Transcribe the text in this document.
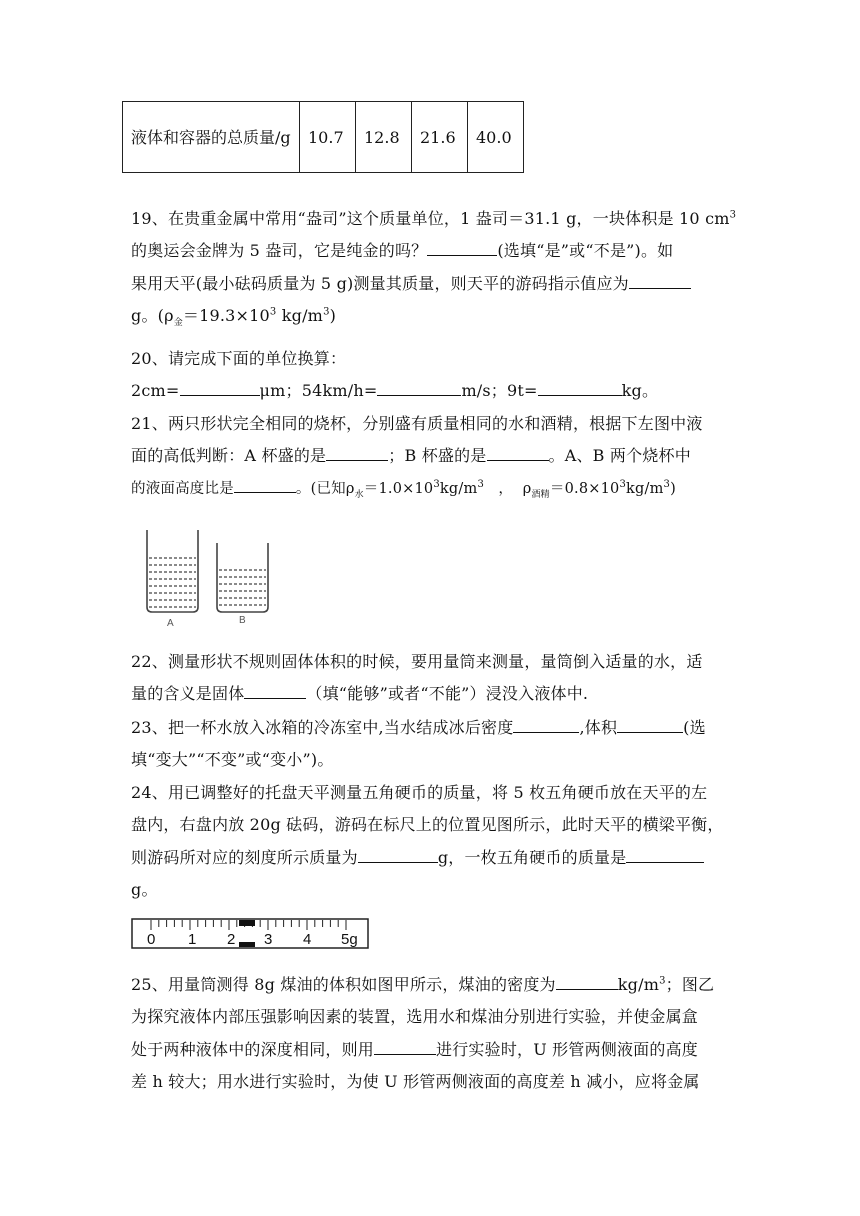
液体和容器的总质量/g	10.7	12.8	21.6	40.0
19、在贵重金属中常用“盎司”这个质量单位，1 盎司＝31.1 g，一块体积是 10 $cm^3$
的奥运会金牌为 5 盎司，它是纯金的吗？	(选填“是”或“不是”)。如
果用天平(最小砝码质量为 5 g)测量其质量，则天平的游码指示值应为
g。($\rho_金=19.3\times 10^3$ $kg/m^3$)
20、请完成下面的单位换算：
2cm=	μm；54km/h=	m/s；9t=	kg。
21、两只形状完全相同的烧杯，分别盛有质量相同的水和酒精，根据下左图中液
面的高低判断：A 杯盛的是	；B 杯盛的是	。A、B 两个烧杯中
的液面高度比是	。(已知$\rho_水=1.0\times 10^3kg/m^3$   ，  $\rho_{酒精}=0.8\times 10^3kg/m^3$)
A	B
22、测量形状不规则固体体积的时候，要用量筒来测量，量筒倒入适量的水，适
量的含义是固体	（填“能够”或者“不能”）浸没入液体中.
23、把一杯水放入冰箱的冷冻室中,当水结成冰后密度	,体积	(选
填“变大”“不变”或“变小”)。
24、用已调整好的托盘天平测量五角硬币的质量，将 5 枚五角硬币放在天平的左
盘内，右盘内放 20g 砝码，游码在标尺上的位置见图所示，此时天平的横梁平衡，
则游码所对应的刻度所示质量为	g，一枚五角硬币的质量是
g。
0 1 2 3 4 5g
25、用量筒测得 8g 煤油的体积如图甲所示，煤油的密度为	$kg/m^3$；图乙
为探究液体内部压强影响因素的装置，选用水和煤油分别进行实验，并使金属盒
处于两种液体中的深度相同，则用	进行实验时，U 形管两侧液面的高度
差 h 较大；用水进行实验时，为使 U 形管两侧液面的高度差 h 减小，应将金属
